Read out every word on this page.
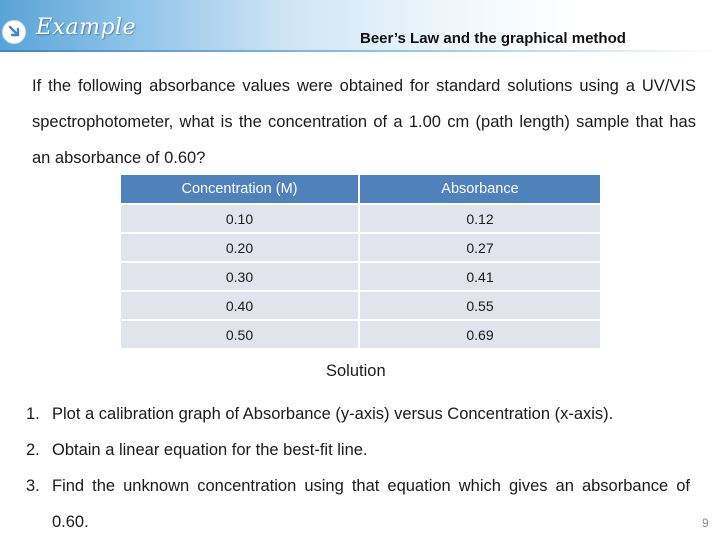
Example	Beer’s Law and the graphical method
If the following absorbance values were obtained for standard solutions using a UV/VIS spectrophotometer, what is the concentration of a 1.00 cm (path length) sample that has an absorbance of 0.60?
Concentration (M)	Absorbance
0.10	0.12
0.20	0.27
0.30	0.41
0.40	0.55
0.50	0.69
Solution
1. Plot a calibration graph of Absorbance (y-axis) versus Concentration (x-axis).
2. Obtain a linear equation for the best-fit line.
3. Find the unknown concentration using that equation which gives an absorbance of 0.60.	9
